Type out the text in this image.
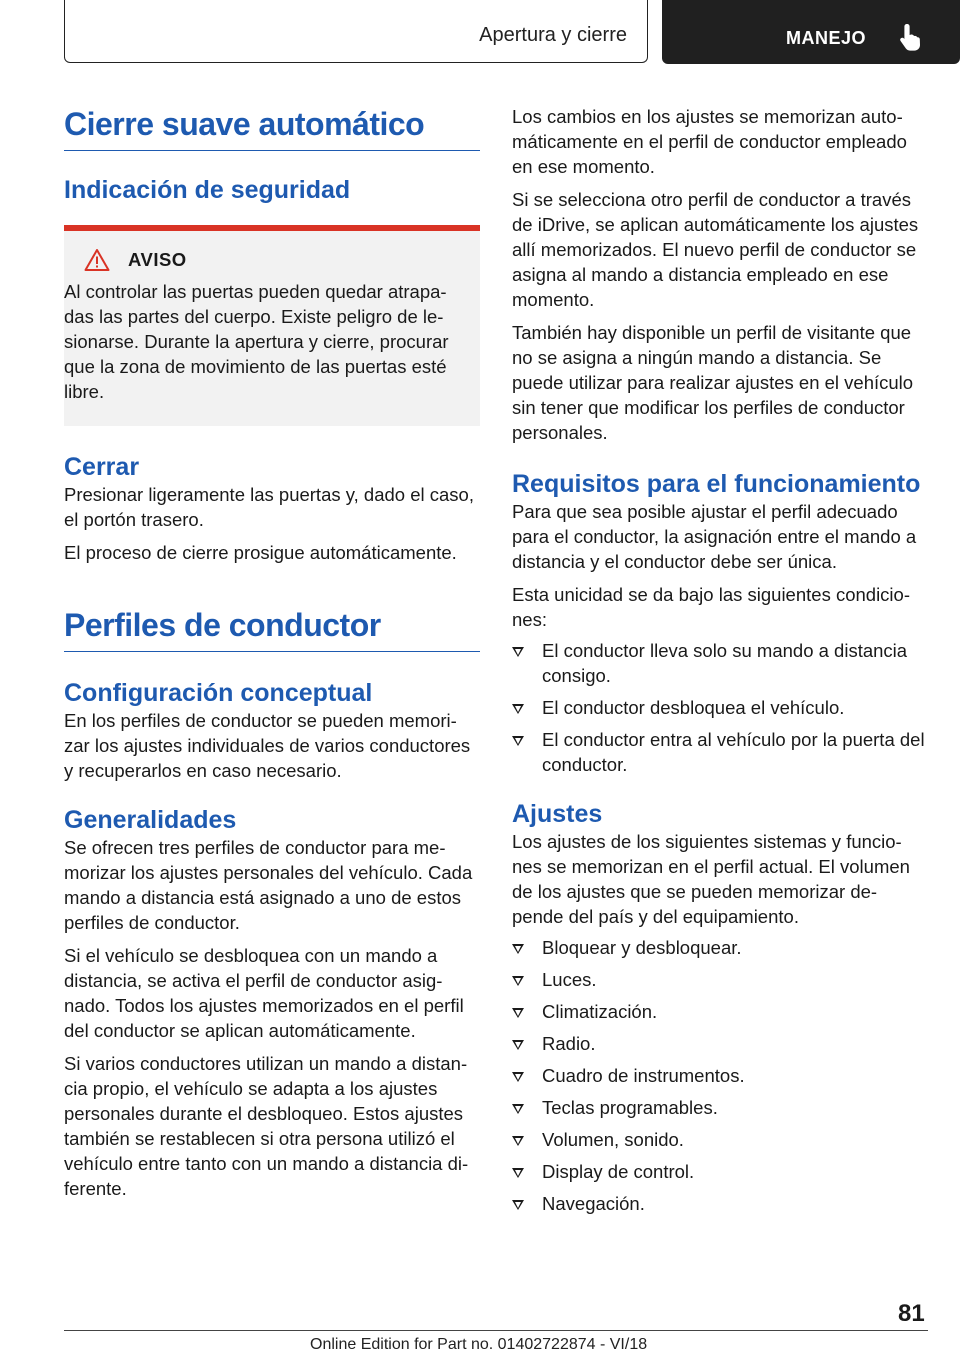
Apertura y cierre	MANEJO
Cierre suave automático
Indicación de seguridad
AVISO

Al controlar las puertas pueden quedar atrapa-das las partes del cuerpo. Existe peligro de le-sionarse. Durante la apertura y cierre, procurar que la zona de movimiento de las puertas esté libre.

Cerrar

Presionar ligeramente las puertas y, dado el caso, el portón trasero.

El proceso de cierre prosigue automáticamente.

Perfiles de conductor
Configuración conceptual

En los perfiles de conductor se pueden memori-zar los ajustes individuales de varios conductores y recuperarlos en caso necesario.

Generalidades

Se ofrecen tres perfiles de conductor para me-morizar los ajustes personales del vehículo. Cada mando a distancia está asignado a uno de estos perfiles de conductor.

Si el vehículo se desbloquea con un mando a distancia, se activa el perfil de conductor asig-nado. Todos los ajustes memorizados en el perfil del conductor se aplican automáticamente.

Si varios conductores utilizan un mando a distan-cia propio, el vehículo se adapta a los ajustes personales durante el desbloqueo. Estos ajustes también se restablecen si otra persona utilizó el vehículo entre tanto con un mando a distancia di-ferente.

Los cambios en los ajustes se memorizan auto-máticamente en el perfil de conductor empleado en ese momento.

Si se selecciona otro perfil de conductor a través de iDrive, se aplican automáticamente los ajustes allí memorizados. El nuevo perfil de conductor se asigna al mando a distancia empleado en ese momento.

También hay disponible un perfil de visitante que no se asigna a ningún mando a distancia. Se puede utilizar para realizar ajustes en el vehículo sin tener que modificar los perfiles de conductor personales.

Requisitos para el funcionamiento

Para que sea posible ajustar el perfil adecuado para el conductor, la asignación entre el mando a distancia y el conductor debe ser única.

Esta unicidad se da bajo las siguientes condicio-nes:

El conductor lleva solo su mando a distancia consigo.
El conductor desbloquea el vehículo.
El conductor entra al vehículo por la puerta del conductor.
Ajustes

Los ajustes de los siguientes sistemas y funcio-nes se memorizan en el perfil actual. El volumen de los ajustes que se pueden memorizar de-pende del país y del equipamiento.

Bloquear y desbloquear.
Luces.
Climatización.
Radio.
Cuadro de instrumentos.
Teclas programables.
Volumen, sonido.
Display de control.
Navegación.
81
Online Edition for Part no. 01402722874 - VI/18
